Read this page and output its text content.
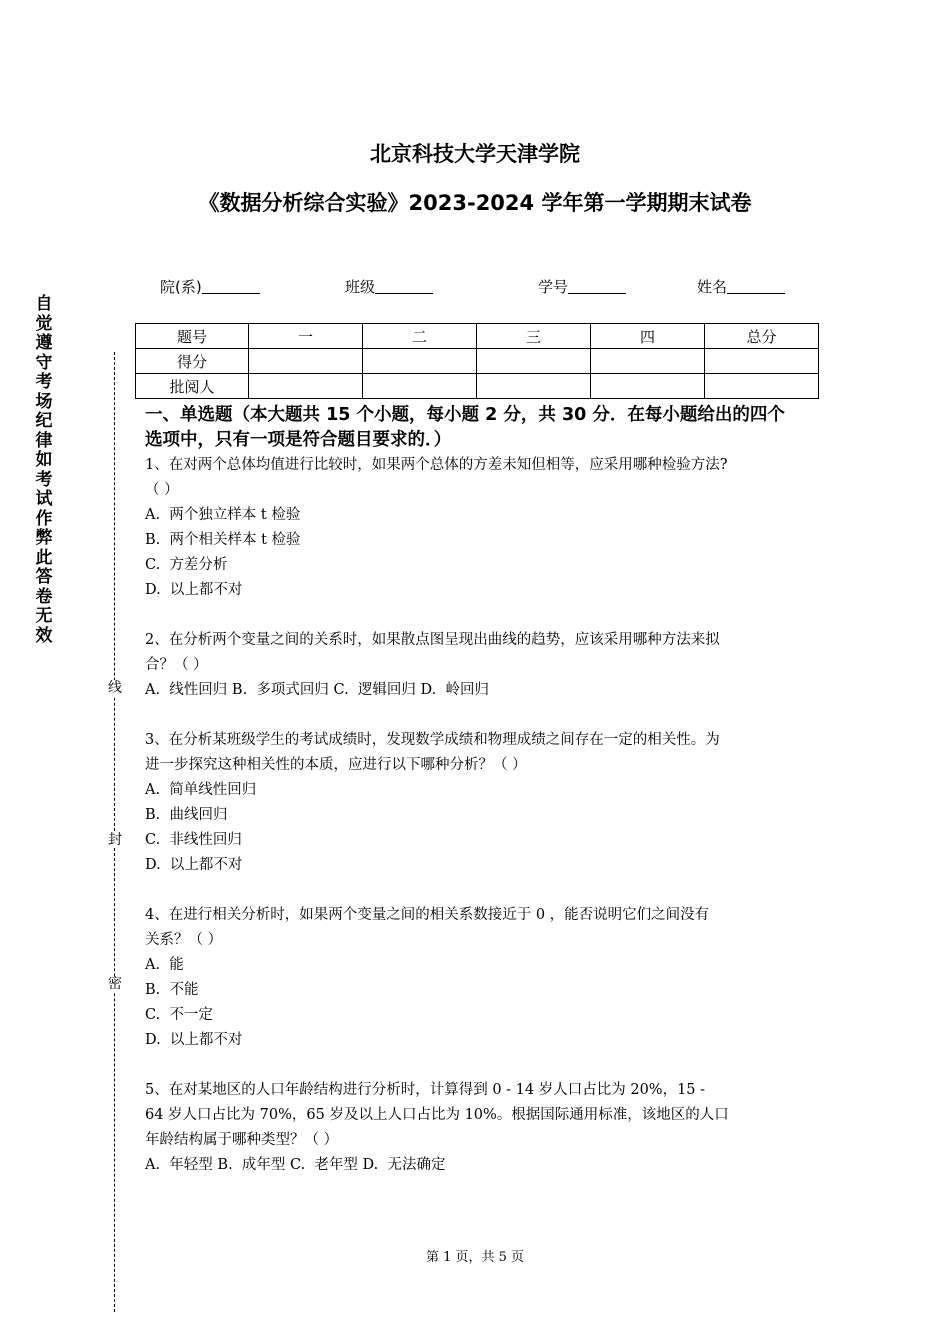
北京科技大学天津学院
《数据分析综合实验》2023-2024 学年第一学期期末试卷
院(系)	班级	学号	姓名
题号	一	二	三	四	总分
得分					
批阅人					
自觉遵守考场纪律如考试作弊此答卷无效
线
封
密
一、单选题（本大题共 15 个小题，每小题 2 分，共 30 分．在每小题给出的四个
选项中，只有一项是符合题目要求的．）
1、在对两个总体均值进行比较时，如果两个总体的方差未知但相等，应采用哪种检验方法?
（ ）
A.  两个独立样本 t 检验
B.  两个相关样本 t 检验
C.  方差分析
D.  以上都不对
2、在分析两个变量之间的关系时，如果散点图呈现出曲线的趋势，应该采用哪种方法来拟
合？（ ）
A.  线性回归 B.  多项式回归 C.  逻辑回归 D.  岭回归
3、在分析某班级学生的考试成绩时，发现数学成绩和物理成绩之间存在一定的相关性。为
进一步探究这种相关性的本质，应进行以下哪种分析？（ ）
A.  简单线性回归
B.  曲线回归
C.  非线性回归
D.  以上都不对
4、在进行相关分析时，如果两个变量之间的相关系数接近于 0 ，能否说明它们之间没有
关系？（ ）
A.  能
B.  不能
C.  不一定
D.  以上都不对
5、在对某地区的人口年龄结构进行分析时，计算得到 0 - 14 岁人口占比为 20%，15 -
64 岁人口占比为 70%，65 岁及以上人口占比为 10%。根据国际通用标准，该地区的人口
年龄结构属于哪种类型？（ ）
A.  年轻型 B.  成年型 C.  老年型 D.  无法确定
第 1 页，共 5 页
